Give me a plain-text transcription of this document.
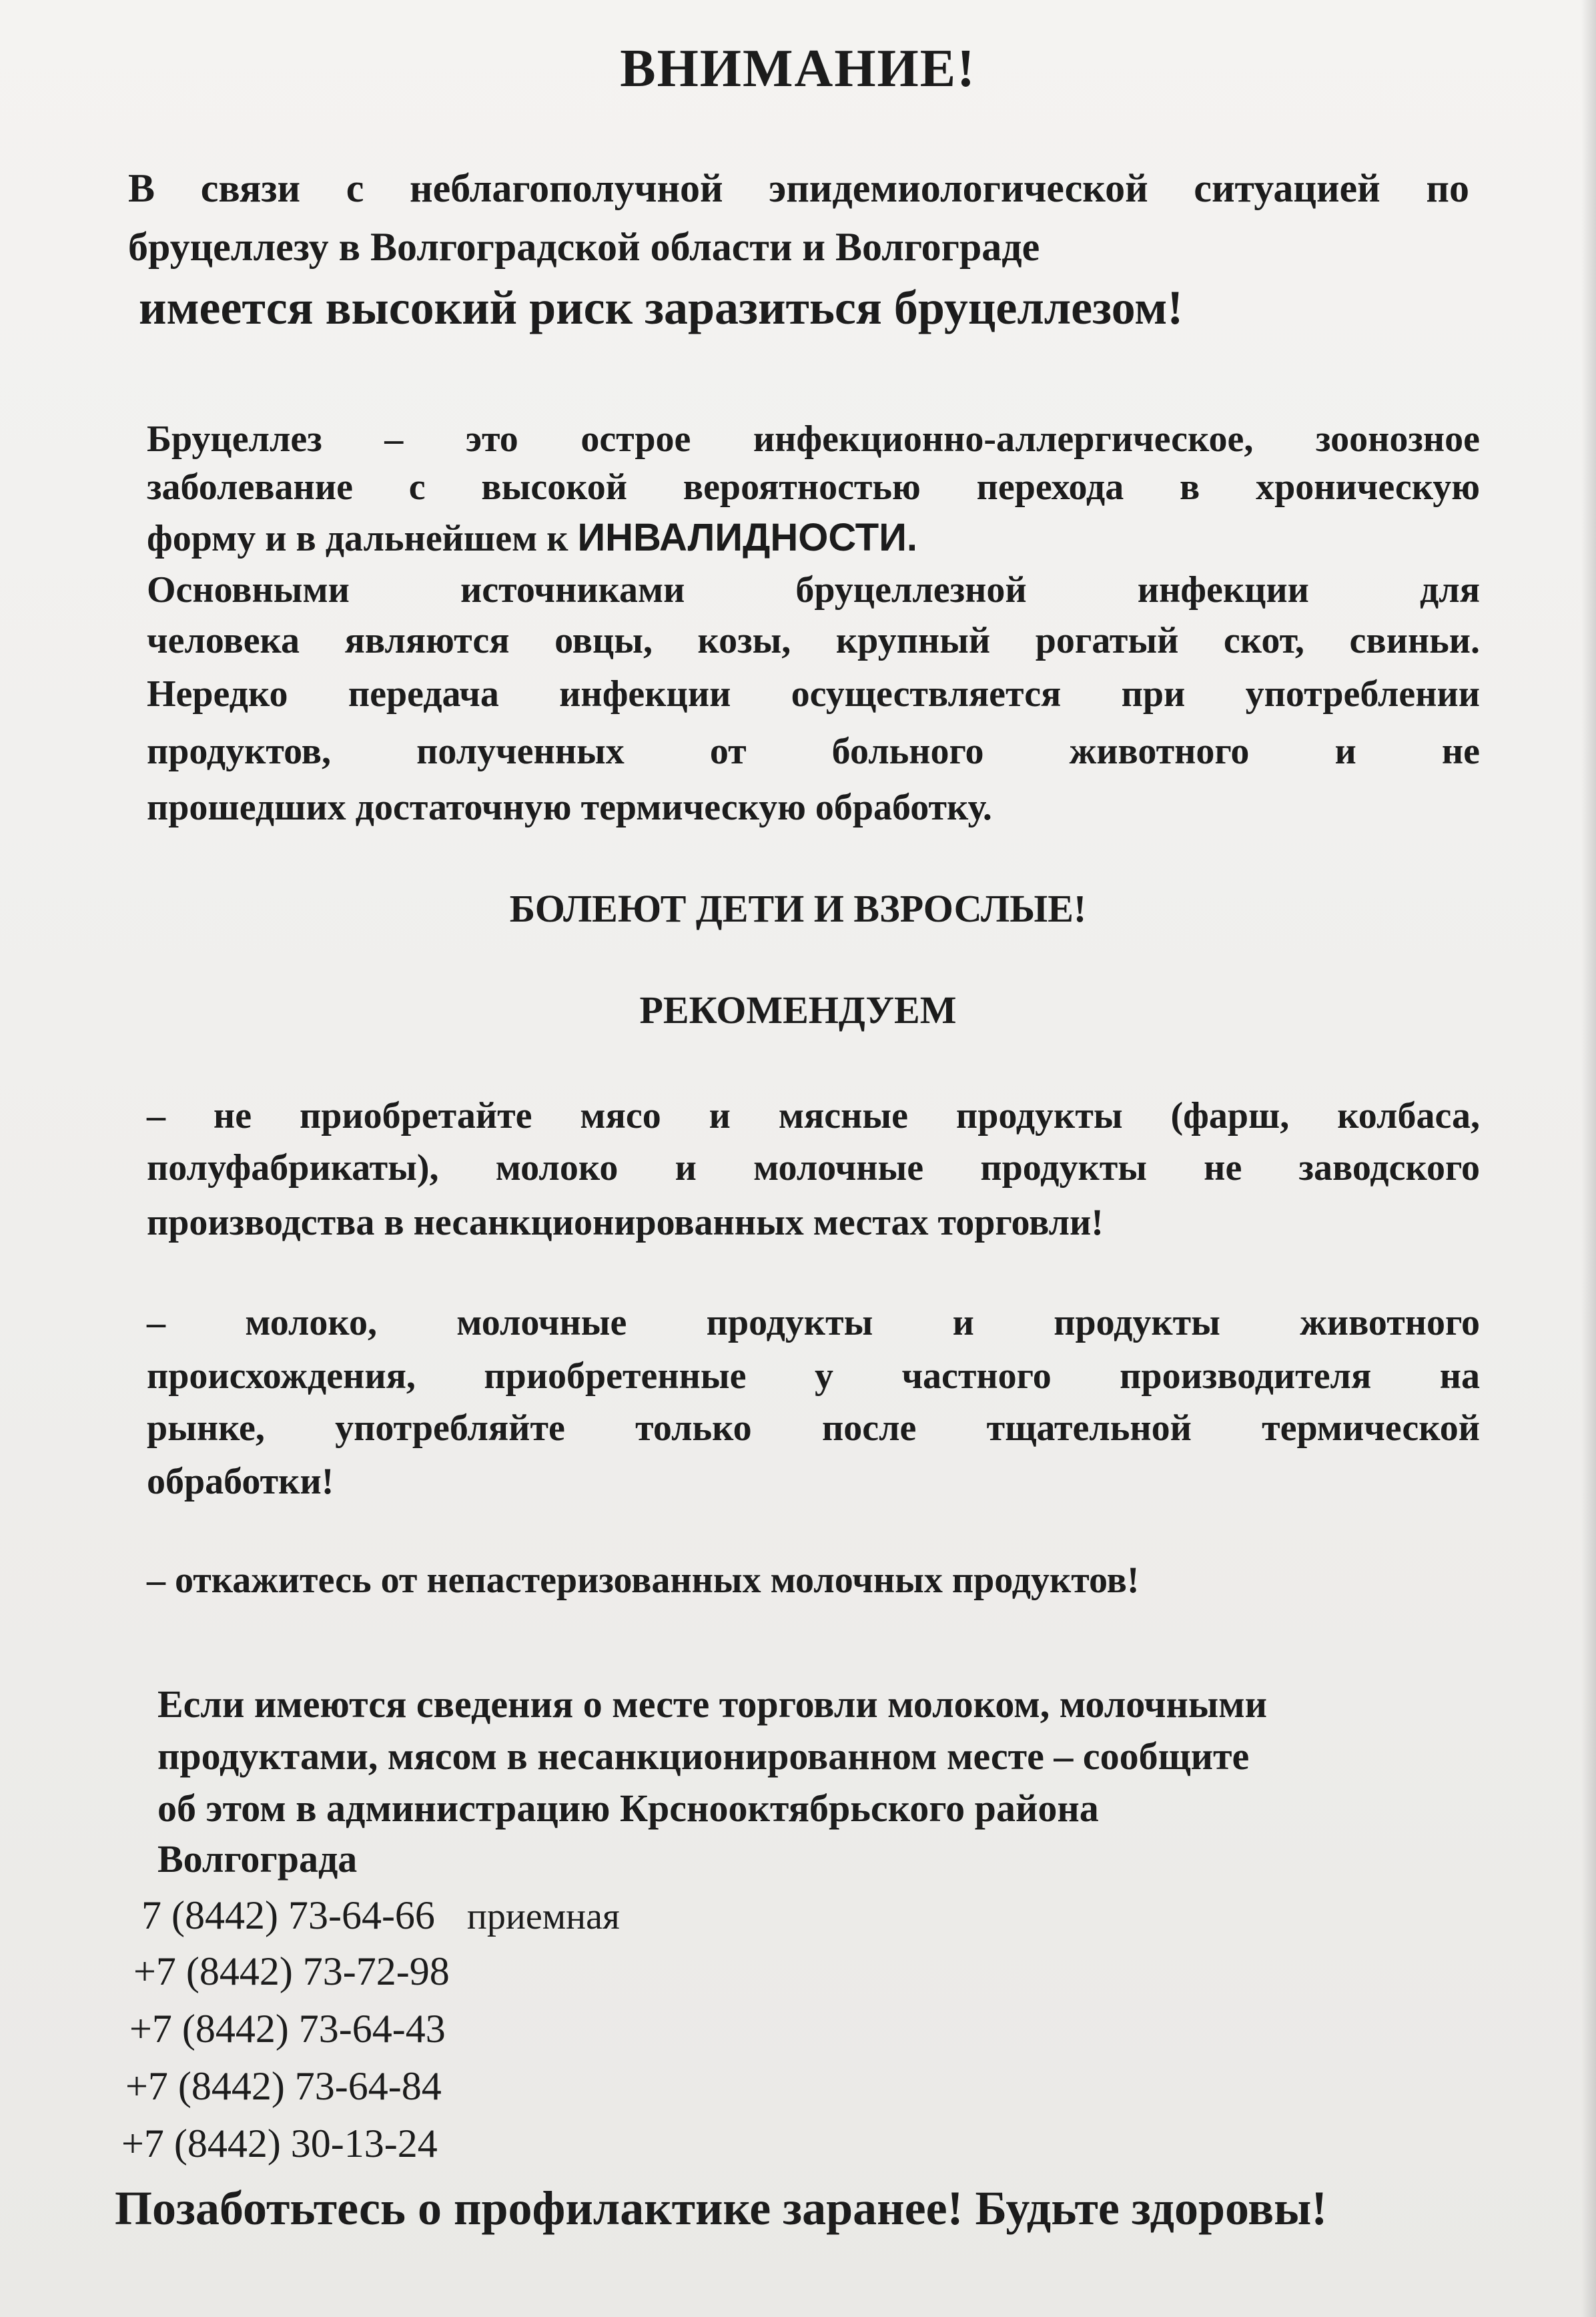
ВНИМАНИЕ!
В связи с неблагополучной эпидемиологической ситуацией по
бруцеллезу в Волгоградской области и Волгограде
имеется высокий риск заразиться бруцеллезом!
Бруцеллез – это острое инфекционно-аллергическое, зоонозное
заболевание с высокой вероятностью перехода в хроническую
форму и в дальнейшем к ИНВАЛИДНОСТИ.
Основными источниками бруцеллезной инфекции для
человека являются овцы, козы, крупный рогатый скот, свиньи.
Нередко передача инфекции осуществляется при употреблении
продуктов, полученных от больного животного и не
прошедших достаточную термическую обработку.
БОЛЕЮТ ДЕТИ И ВЗРОСЛЫЕ!
РЕКОМЕНДУЕМ
– не приобретайте мясо и мясные продукты (фарш, колбаса,
полуфабрикаты), молоко и молочные продукты не заводского
производства в несанкционированных местах торговли!
– молоко, молочные продукты и продукты животного
происхождения, приобретенные у частного производителя на
рынке, употребляйте только после тщательной термической
обработки!
– откажитесь от непастеризованных молочных продуктов!
Если имеются сведения о месте торговли молоком, молочными
продуктами, мясом в несанкционированном месте – сообщите
об этом в администрацию Крснооктябрьского района
Волгограда
7 (8442) 73-64-66 приемная
+7 (8442) 73-72-98
+7 (8442) 73-64-43
+7 (8442) 73-64-84
+7 (8442) 30-13-24
Позаботьтесь о профилактике заранее! Будьте здоровы!
